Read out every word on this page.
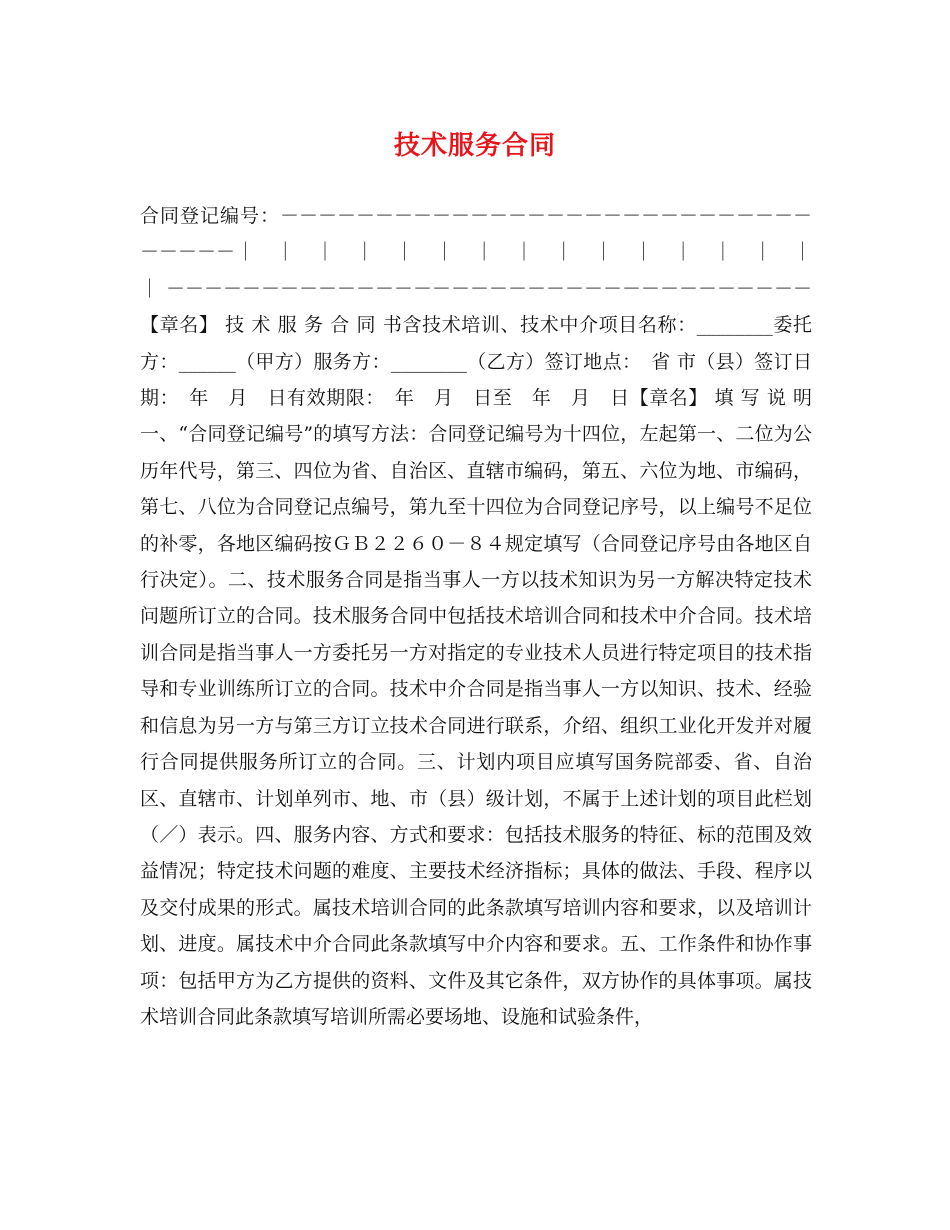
技术服务合同

合同登记编号：－－－－－－－－－－－－－－－－－－－－－－－－－－－－－－－－－｜　｜　｜　｜　｜　｜　｜　｜　｜　｜　｜　｜　｜　｜　｜　｜－－－－－－－－－－－－－－－－－－－－－－－－－－－－－－－－－－【章名】 技 术 服 务 合 同 书含技术培训、技术中介项目名称：________委托方：______（甲方）服务方：________（乙方）签订地点：　省 市（县）签订日期：　年　月　日有效期限：　年　月　日至　年　月　日【章名】 填 写 说 明一、“合同登记编号”的填写方法：合同登记编号为十四位，左起第一、二位为公历年代号，第三、四位为省、自治区、直辖市编码，第五、六位为地、市编码，第七、八位为合同登记点编号，第九至十四位为合同登记序号，以上编号不足位的补零，各地区编码按ＧＢ２２６０－８４规定填写（合同登记序号由各地区自行决定）。二、技术服务合同是指当事人一方以技术知识为另一方解决特定技术问题所订立的合同。技术服务合同中包括技术培训合同和技术中介合同。技术培训合同是指当事人一方委托另一方对指定的专业技术人员进行特定项目的技术指导和专业训练所订立的合同。技术中介合同是指当事人一方以知识、技术、经验和信息为另一方与第三方订立技术合同进行联系，介绍、组织工业化开发并对履行合同提供服务所订立的合同。三、计划内项目应填写国务院部委、省、自治区、直辖市、计划单列市、地、市（县）级计划，不属于上述计划的项目此栏划（／）表示。四、服务内容、方式和要求：包括技术服务的特征、标的范围及效益情况；特定技术问题的难度、主要技术经济指标；具体的做法、手段、程序以及交付成果的形式。属技术培训合同的此条款填写培训内容和要求，以及培训计划、进度。属技术中介合同此条款填写中介内容和要求。五、工作条件和协作事项：包括甲方为乙方提供的资料、文件及其它条件，双方协作的具体事项。属技术培训合同此条款填写培训所需必要场地、设施和试验条件，
